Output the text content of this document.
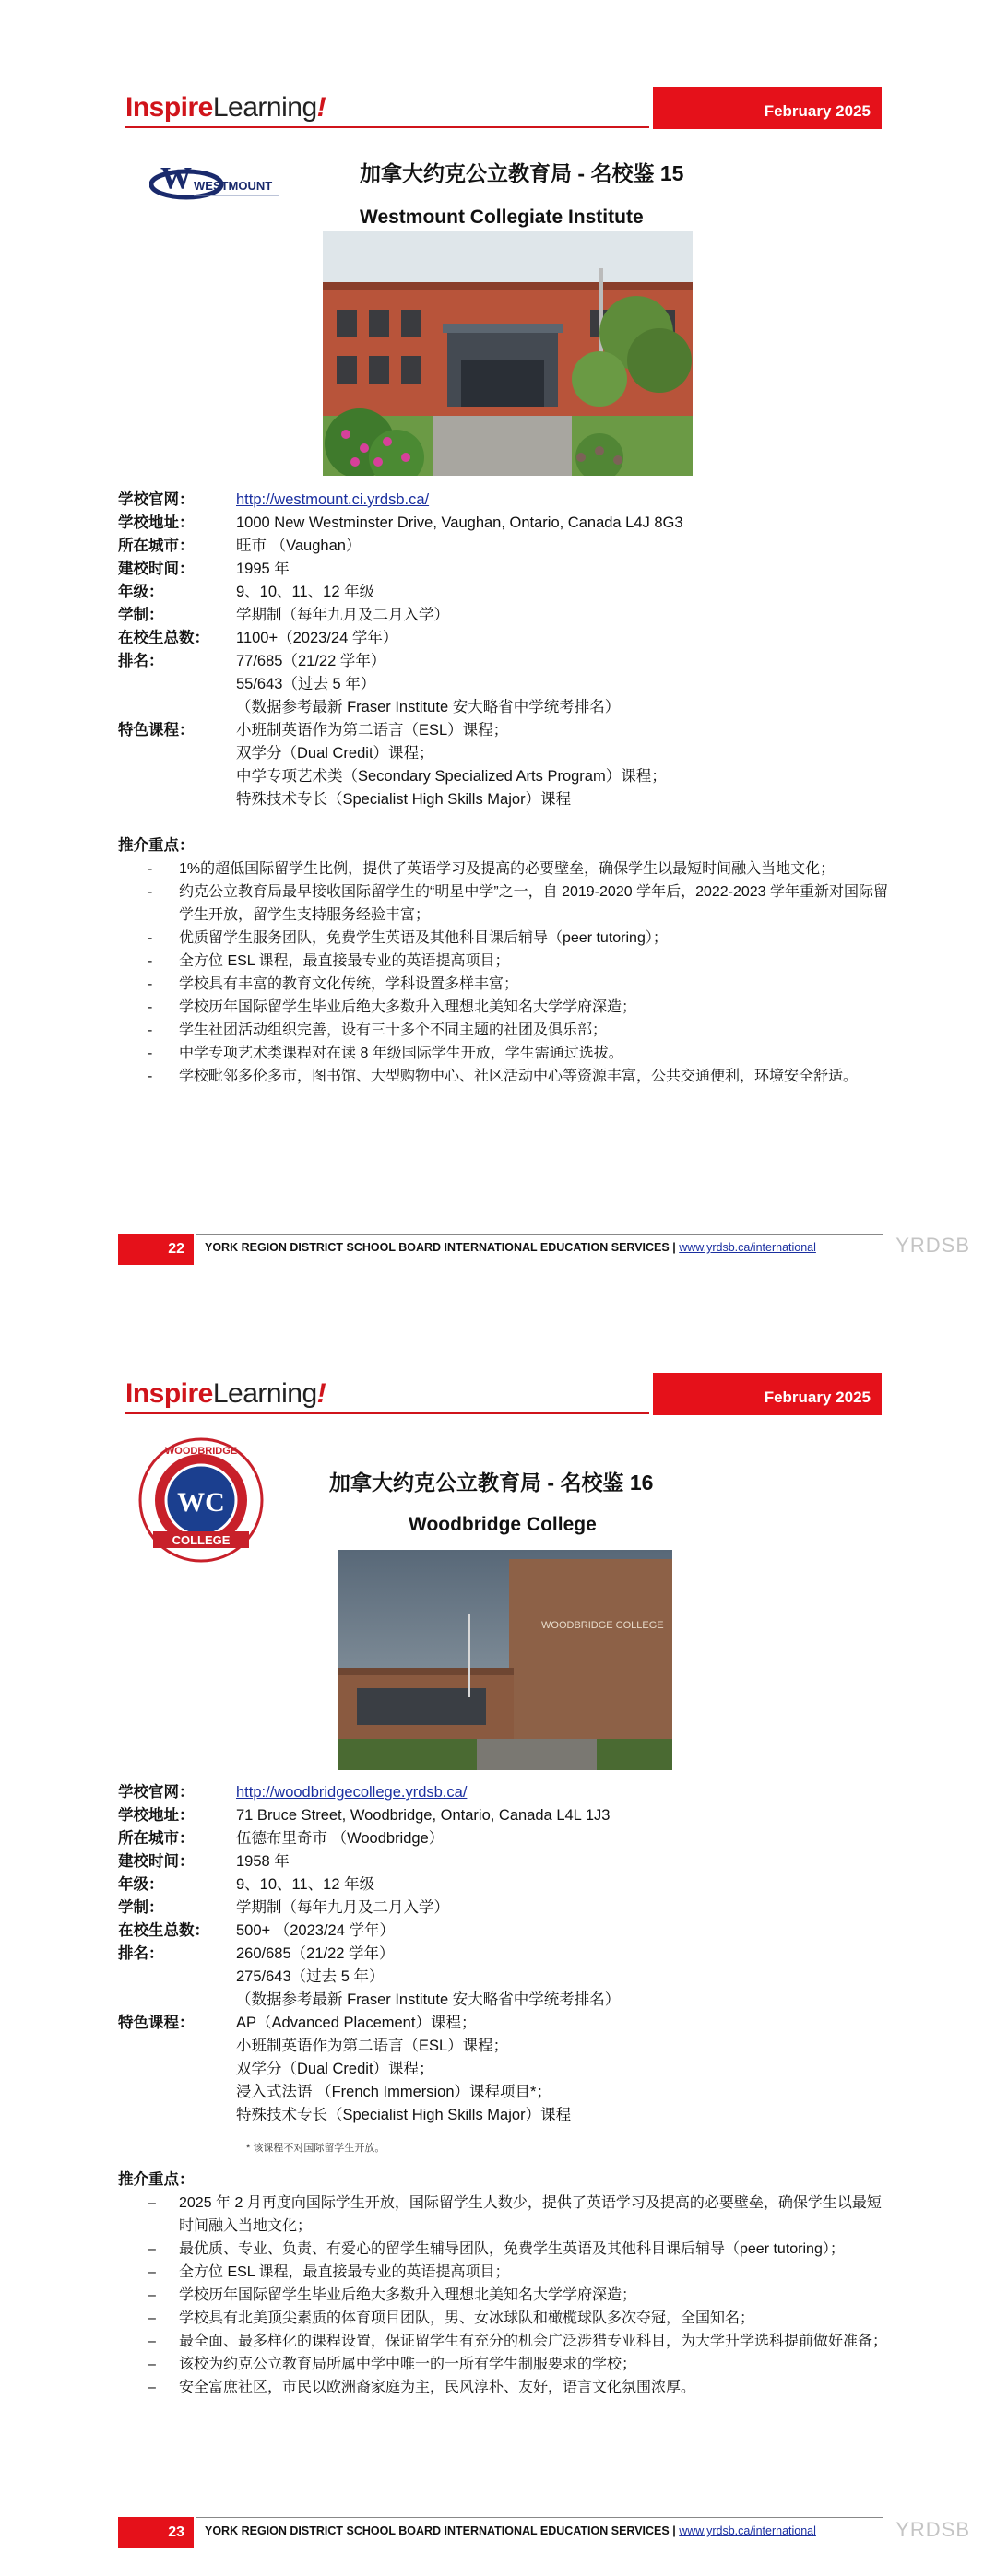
InspireLearning!	February 2025
W WESTMOUNT
加拿大约克公立教育局 - 名校鉴 15
Westmount Collegiate Institute
学校官网：	http://westmount.ci.yrdsb.ca/
学校地址：	1000 New Westminster Drive, Vaughan, Ontario, Canada L4J 8G3
所在城市：	旺市 （Vaughan）
建校时间：	1995 年
年级：	9、10、11、12 年级
学制：	学期制（每年九月及二月入学）
在校生总数：	1100+（2023/24 学年）
排名：	77/685（21/22 学年）
55/643（过去 5 年）
（数据参考最新 Fraser Institute 安大略省中学统考排名）
特色课程：	小班制英语作为第二语言（ESL）课程；
双学分（Dual Credit）课程；
中学专项艺术类（Secondary Specialized Arts Program）课程；
特殊技术专长（Specialist High Skills Major）课程
推介重点：
-	1%的超低国际留学生比例，提供了英语学习及提高的必要壁垒，确保学生以最短时间融入当地文化；
-	约克公立教育局最早接收国际留学生的“明星中学”之一，自 2019-2020 学年后，2022-2023 学年重新对国际留学生开放，留学生支持服务经验丰富；
-	优质留学生服务团队，免费学生英语及其他科目课后辅导（peer tutoring）；
-	全方位 ESL 课程，最直接最专业的英语提高项目；
-	学校具有丰富的教育文化传统，学科设置多样丰富；
-	学校历年国际留学生毕业后绝大多数升入理想北美知名大学学府深造；
-	学生社团活动组织完善，设有三十多个不同主题的社团及俱乐部；
-	中学专项艺术类课程对在读 8 年级国际学生开放，学生需通过选拔。
-	学校毗邻多伦多市，图书馆、大型购物中心、社区活动中心等资源丰富，公共交通便利，环境安全舒适。
22	YORK REGION DISTRICT SCHOOL BOARD INTERNATIONAL EDUCATION SERVICES | www.yrdsb.ca/international	YRDSB
InspireLearning!	February 2025
WC
WOODBRIDGE
COLLEGE
加拿大约克公立教育局 - 名校鉴 16
Woodbridge College
WOODBRIDGE COLLEGE
学校官网：	http://woodbridgecollege.yrdsb.ca/
学校地址：	71 Bruce Street, Woodbridge, Ontario, Canada L4L 1J3
所在城市：	伍德布里奇市 （Woodbridge）
建校时间：	1958 年
年级：	9、10、11、12 年级
学制：	学期制（每年九月及二月入学）
在校生总数：	500+ （2023/24 学年）
排名：	260/685（21/22 学年）
275/643（过去 5 年）
（数据参考最新 Fraser Institute 安大略省中学统考排名）
特色课程：	AP（Advanced Placement）课程；
小班制英语作为第二语言（ESL）课程；
双学分（Dual Credit）课程；
浸入式法语 （French Immersion）课程项目*；
特殊技术专长（Specialist High Skills Major）课程
* 该课程不对国际留学生开放。
推介重点：
–	2025 年 2 月再度向国际学生开放，国际留学生人数少，提供了英语学习及提高的必要壁垒，确保学生以最短时间融入当地文化；
–	最优质、专业、负责、有爱心的留学生辅导团队，免费学生英语及其他科目课后辅导（peer tutoring）；
–	全方位 ESL 课程，最直接最专业的英语提高项目；
–	学校历年国际留学生毕业后绝大多数升入理想北美知名大学学府深造；
–	学校具有北美顶尖素质的体育项目团队，男、女冰球队和橄榄球队多次夺冠，全国知名；
–	最全面、最多样化的课程设置，保证留学生有充分的机会广泛涉猎专业科目，为大学升学选科提前做好准备；
–	该校为约克公立教育局所属中学中唯一的一所有学生制服要求的学校；
–	安全富庶社区，市民以欧洲裔家庭为主，民风淳朴、友好，语言文化氛围浓厚。
23	YORK REGION DISTRICT SCHOOL BOARD INTERNATIONAL EDUCATION SERVICES | www.yrdsb.ca/international	YRDSB
